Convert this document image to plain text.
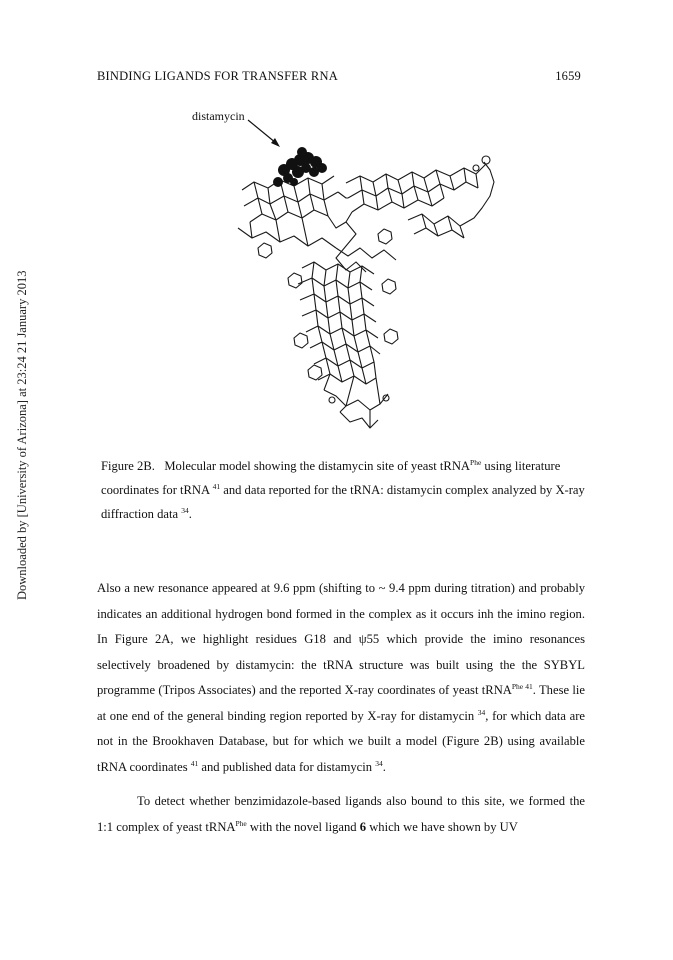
BINDING LIGANDS FOR TRANSFER RNA	1659
Downloaded by [University of Arizona] at 23:24 21 January 2013
distamycin
Figure 2B. Molecular model showing the distamycin site of yeast tRNA$^{Phe}$ using literature coordinates for tRNA $^{41}$ and data reported for the tRNA: distamycin complex analyzed by X-ray diffraction data $^{34}$.

Also a new resonance appeared at 9.6 ppm (shifting to ~ 9.4 ppm during titration) and probably indicates an additional hydrogen bond formed in the complex as it occurs inh the imino region. In Figure 2A, we highlight residues G18 and ψ55 which provide the imino resonances selectively broadened by distamycin: the tRNA structure was built using the the SYBYL programme (Tripos Associates) and the reported X-ray coordinates of yeast tRNA$^{Phe 41}$. These lie at one end of the general binding region reported by X-ray for distamycin $^{34}$, for which data are not in the Brookhaven Database, but for which we built a model (Figure 2B) using available tRNA coordinates $^{41}$ and published data for distamycin $^{34}$.

To detect whether benzimidazole-based ligands also bound to this site, we formed the 1:1 complex of yeast tRNA$^{Phe}$ with the novel ligand 6 which we have shown by UV
